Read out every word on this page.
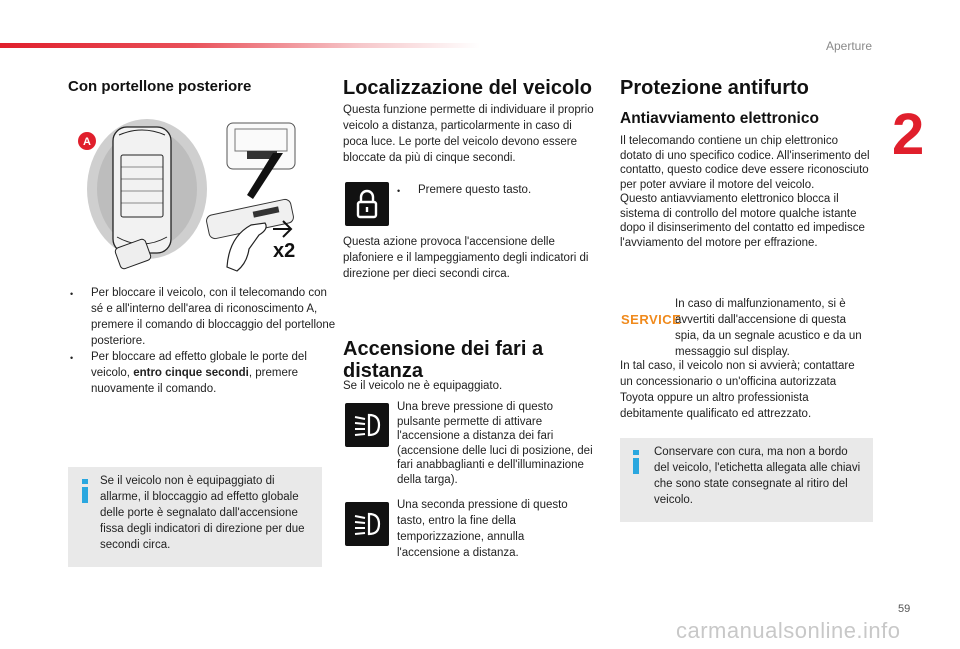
Aperture
2
Con portellone posteriore
A
x2
• Per bloccare il veicolo, con il telecomando con sé e all'interno dell'area di riconoscimento A, premere il comando di bloccaggio del portellone posteriore.
• Per bloccare ad effetto globale le porte del veicolo, entro cinque secondi, premere nuovamente il comando.
Se il veicolo non è equipaggiato di allarme, il bloccaggio ad effetto globale delle porte è segnalato dall'accensione fissa degli indicatori di direzione per due secondi circa.
Localizzazione del veicolo
Questa funzione permette di individuare il proprio veicolo a distanza, particolarmente in caso di poca luce. Le porte del veicolo devono essere bloccate da più di cinque secondi.
• Premere questo tasto.
Questa azione provoca l'accensione delle plafoniere e il lampeggiamento degli indicatori di direzione per dieci secondi circa.
Accensione dei fari a distanza
Se il veicolo ne è equipaggiato.
Una breve pressione di questo pulsante permette di attivare l'accensione a distanza dei fari (accensione delle luci di posizione, dei fari anabbaglianti e dell'illuminazione della targa).
Una seconda pressione di questo tasto, entro la fine della temporizzazione, annulla l'accensione a distanza.
Protezione antifurto
Antiavviamento elettronico
Il telecomando contiene un chip elettronico dotato di uno specifico codice. All'inserimento del contatto, questo codice deve essere riconosciuto per poter avviare il motore del veicolo.
Questo antiavviamento elettronico blocca il sistema di controllo del motore qualche istante dopo il disinserimento del contatto ed impedisce l'avviamento del motore per effrazione.
SERVICE
In caso di malfunzionamento, si è avvertiti dall'accensione di questa spia, da un segnale acustico e da un messaggio sul display.
In tal caso, il veicolo non si avvierà; contattare un concessionario o un'officina autorizzata Toyota oppure un altro professionista debitamente qualificato ed attrezzato.
Conservare con cura, ma non a bordo del veicolo, l'etichetta allegata alle chiavi che sono state consegnate al ritiro del veicolo.
59
carmanualsonline.info
